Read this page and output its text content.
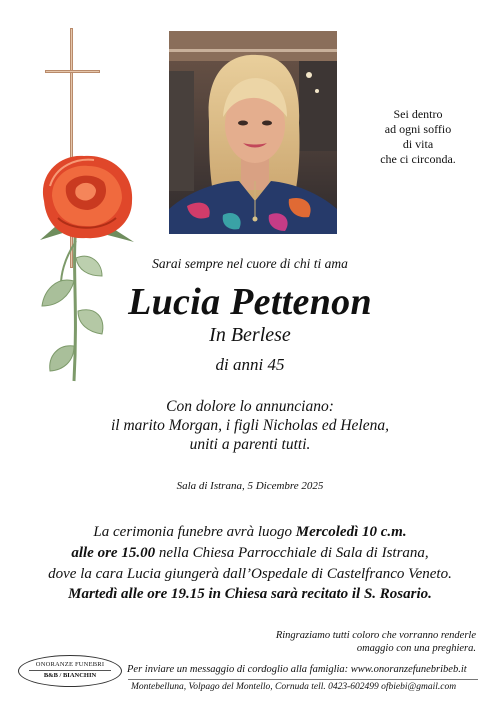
Sei dentro
ad ogni soffio
di vita
che ci circonda.
Sarai sempre nel cuore di chi ti ama
Lucia Pettenon
In Berlese
di anni 45
Con dolore lo annunciano:
il marito Morgan, i figli Nicholas ed Helena,
uniti a parenti tutti.
Sala di Istrana, 5 Dicembre 2025
La cerimonia funebre avrà luogo Mercoledì 10 c.m.
alle ore 15.00 nella Chiesa Parrocchiale di Sala di Istrana,
dove la cara Lucia giungerà dall’Ospedale di Castelfranco Veneto.
Martedì alle ore 19.15 in Chiesa sarà recitato il S. Rosario.
Ringraziamo tutti coloro che vorranno renderle
omaggio con una preghiera.
ONORANZE FUNEBRI
B&B / BIANCHIN
Per inviare un messaggio di cordoglio alla famiglia: www.onoranzefunebribeb.it
Montebelluna, Volpago del Montello, Cornuda tell. 0423-602499 ofbiebi@gmail.com
